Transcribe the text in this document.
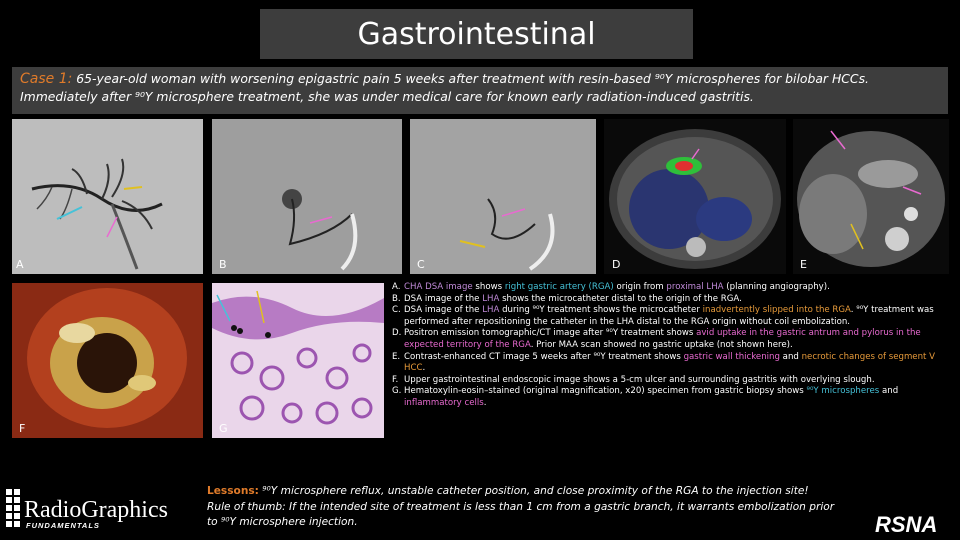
Gastrointestinal
Case 1: 65-year-old woman with worsening epigastric pain 5 weeks after treatment with resin-based ⁹⁰Y microspheres for bilobar HCCs.
Immediately after ⁹⁰Y microsphere treatment, she was under medical care for known early radiation-induced gastritis.
A	B	C	D	E
F	G
A. CHA DSA image shows right gastric artery (RGA) origin from proximal LHA (planning angiography).
B. DSA image of the LHA shows the microcatheter distal to the origin of the RGA.
C. DSA image of the LHA during ⁹⁰Y treatment shows the microcatheter inadvertently slipped into the RGA. ⁹⁰Y treatment was performed after repositioning the catheter in the LHA distal to the RGA origin without coil embolization.
D. Positron emission tomographic/CT image after ⁹⁰Y treatment shows avid uptake in the gastric antrum and pylorus in the expected territory of the RGA. Prior MAA scan showed no gastric uptake (not shown here).
E. Contrast-enhanced CT image 5 weeks after ⁹⁰Y treatment shows gastric wall thickening and necrotic changes of segment V HCC.
F. Upper gastrointestinal endoscopic image shows a 5-cm ulcer and surrounding gastritis with overlying slough.
G. Hematoxylin-eosin–stained (original magnification, x20) specimen from gastric biopsy shows ⁹⁰Y microspheres and inflammatory cells.
Lessons: ⁹⁰Y microsphere reflux, unstable catheter position, and close proximity of the RGA to the injection site!
Rule of thumb: If the intended site of treatment is less than 1 cm from a gastric branch, it warrants embolization prior to ⁹⁰Y microsphere injection.
RadioGraphics
FUNDAMENTALS	RSNA
